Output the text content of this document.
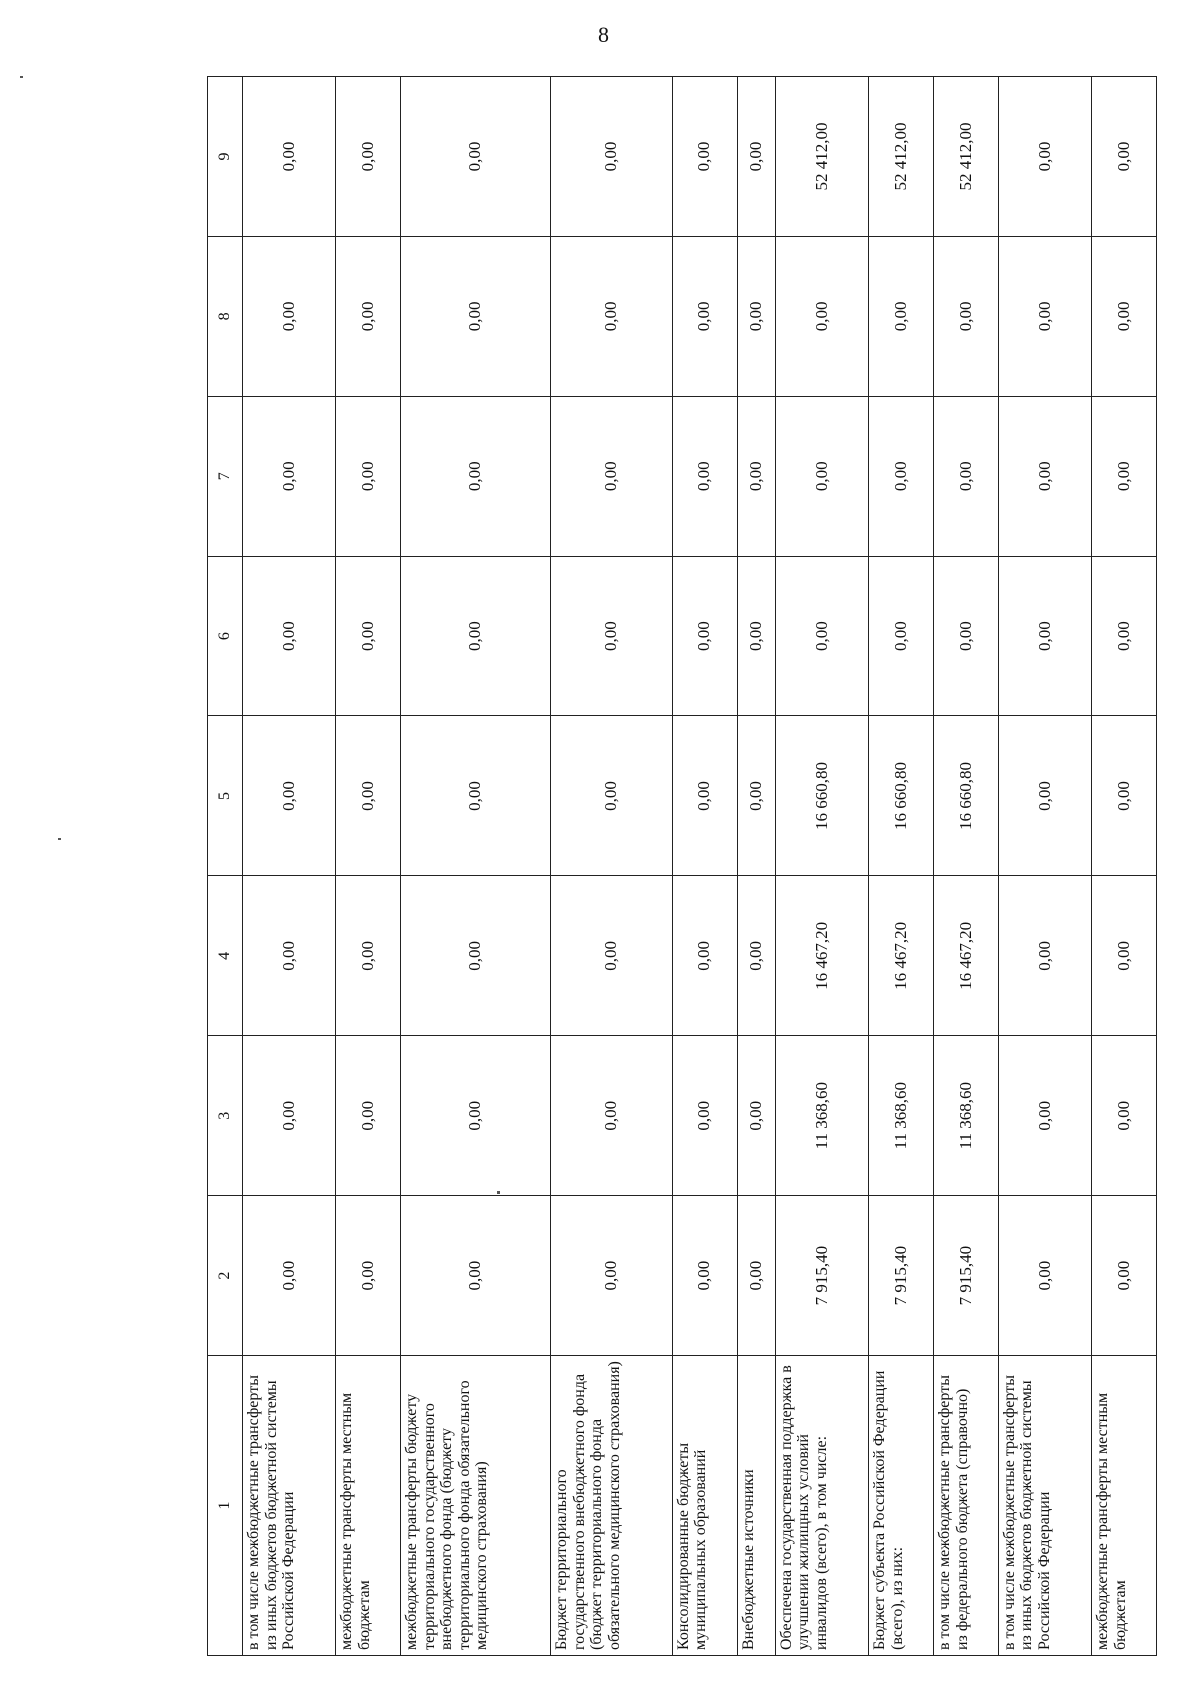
8
1	2	3	4	5	6	7	8	9
в том числе межбюджетные трансферты из иных бюджетов бюджетной системы Российской Федерации	0,00	0,00	0,00	0,00	0,00	0,00	0,00	0,00
межбюджетные трансферты местным бюджетам	0,00	0,00	0,00	0,00	0,00	0,00	0,00	0,00
межбюджетные трансферты бюджету территориального государственного внебюджетного фонда (бюджету территориального фонда обязательного медицинского страхования)	0,00	0,00	0,00	0,00	0,00	0,00	0,00	0,00
Бюджет территориального государственного внебюджетного фонда (бюджет территориального фонда обязательного медицинского страхования)	0,00	0,00	0,00	0,00	0,00	0,00	0,00	0,00
Консолидированные бюджеты муниципальных образований	0,00	0,00	0,00	0,00	0,00	0,00	0,00	0,00
Внебюджетные источники	0,00	0,00	0,00	0,00	0,00	0,00	0,00	0,00
Обеспечена государственная поддержка в улучшении жилищных условий инвалидов (всего), в том числе:	7 915,40	11 368,60	16 467,20	16 660,80	0,00	0,00	0,00	52 412,00
Бюджет субъекта Российской Федерации (всего), из них:	7 915,40	11 368,60	16 467,20	16 660,80	0,00	0,00	0,00	52 412,00
в том числе межбюджетные трансферты из федерального бюджета (справочно)	7 915,40	11 368,60	16 467,20	16 660,80	0,00	0,00	0,00	52 412,00
в том числе межбюджетные трансферты из иных бюджетов бюджетной системы Российской Федерации	0,00	0,00	0,00	0,00	0,00	0,00	0,00	0,00
межбюджетные трансферты местным бюджетам	0,00	0,00	0,00	0,00	0,00	0,00	0,00	0,00
